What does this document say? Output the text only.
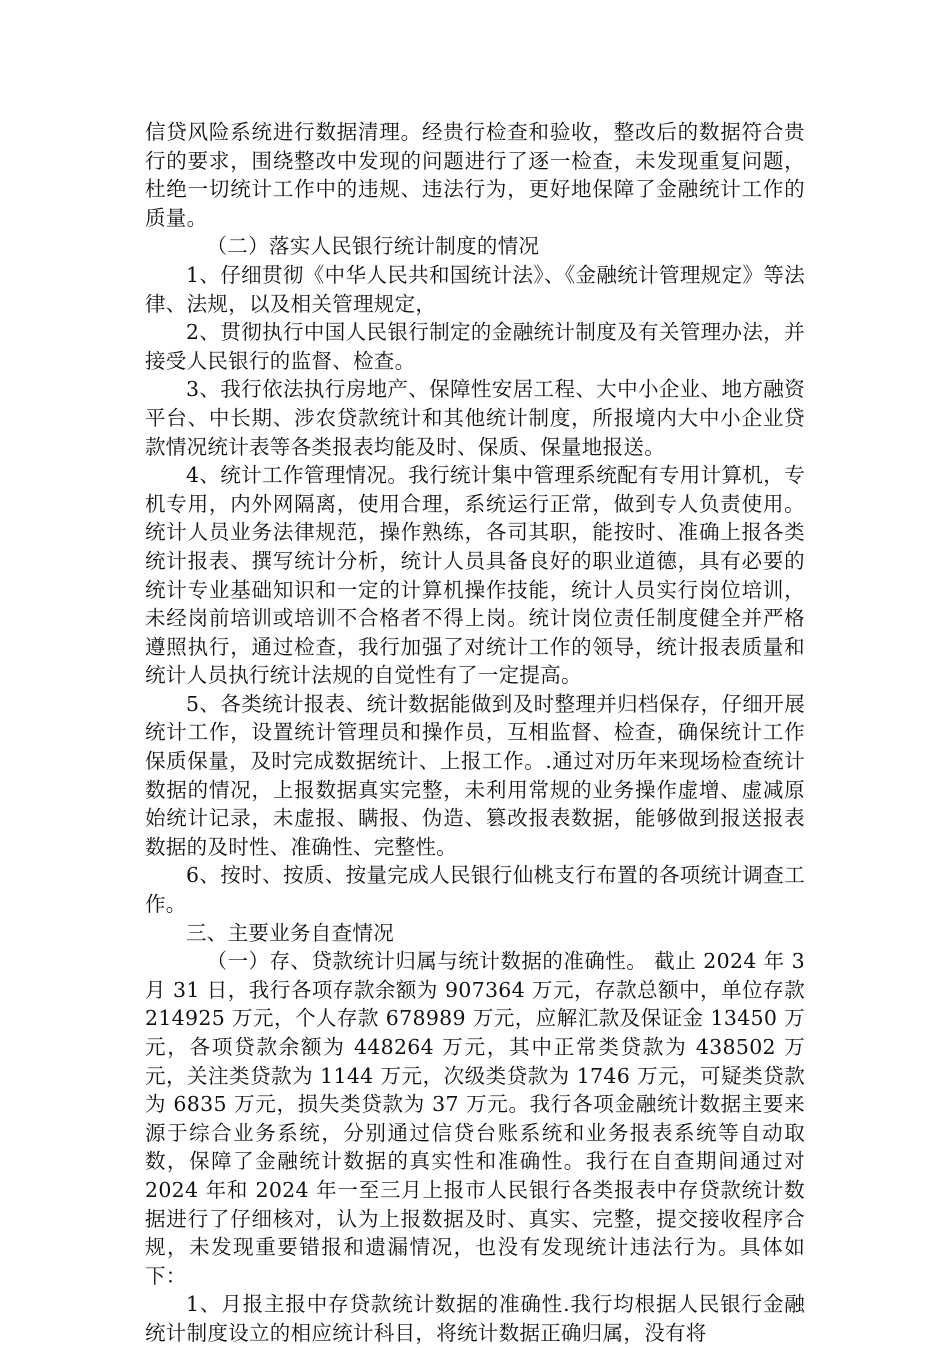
信贷风险系统进行数据清理。经贵行检查和验收，整改后的数据符合贵行的要求，围绕整改中发现的问题进行了逐一检查，未发现重复问题，杜绝一切统计工作中的违规、违法行为，更好地保障了金融统计工作的质量。

（二）落实人民银行统计制度的情况

1、仔细贯彻《中华人民共和国统计法》、《金融统计管理规定》等法律、法规，以及相关管理规定，

2、贯彻执行中国人民银行制定的金融统计制度及有关管理办法，并接受人民银行的监督、检查。

3、我行依法执行房地产、保障性安居工程、大中小企业、地方融资平台、中长期、涉农贷款统计和其他统计制度，所报境内大中小企业贷款情况统计表等各类报表均能及时、保质、保量地报送。

4、统计工作管理情况。我行统计集中管理系统配有专用计算机，专机专用，内外网隔离，使用合理，系统运行正常，做到专人负责使用。统计人员业务法律规范，操作熟练，各司其职，能按时、准确上报各类统计报表、撰写统计分析，统计人员具备良好的职业道德，具有必要的统计专业基础知识和一定的计算机操作技能，统计人员实行岗位培训，未经岗前培训或培训不合格者不得上岗。统计岗位责任制度健全并严格遵照执行，通过检查，我行加强了对统计工作的领导，统计报表质量和统计人员执行统计法规的自觉性有了一定提高。

5、各类统计报表、统计数据能做到及时整理并归档保存，仔细开展统计工作，设置统计管理员和操作员，互相监督、检查，确保统计工作保质保量，及时完成数据统计、上报工作。.通过对历年来现场检查统计数据的情况，上报数据真实完整，未利用常规的业务操作虚增、虚减原始统计记录，未虚报、瞒报、伪造、篡改报表数据，能够做到报送报表数据的及时性、准确性、完整性。

6、按时、按质、按量完成人民银行仙桃支行布置的各项统计调查工作。

三、主要业务自查情况

（一）存、贷款统计归属与统计数据的准确性。 截止 2024 年 3 月 31 日，我行各项存款余额为 907364 万元，存款总额中，单位存款 214925 万元，个人存款 678989 万元，应解汇款及保证金 13450 万元，各项贷款余额为 448264 万元，其中正常类贷款为 438502 万元，关注类贷款为 1144 万元，次级类贷款为 1746 万元，可疑类贷款为 6835 万元，损失类贷款为 37 万元。我行各项金融统计数据主要来源于综合业务系统，分别通过信贷台账系统和业务报表系统等自动取数，保障了金融统计数据的真实性和准确性。我行在自查期间通过对 2024 年和 2024 年一至三月上报市人民银行各类报表中存贷款统计数据进行了仔细核对，认为上报数据及时、真实、完整，提交接收程序合规，未发现重要错报和遗漏情况，也没有发现统计违法行为。具体如下：

1、月报主报中存贷款统计数据的准确性.我行均根据人民银行金融统计制度设立的相应统计科目，将统计数据正确归属，没有将
